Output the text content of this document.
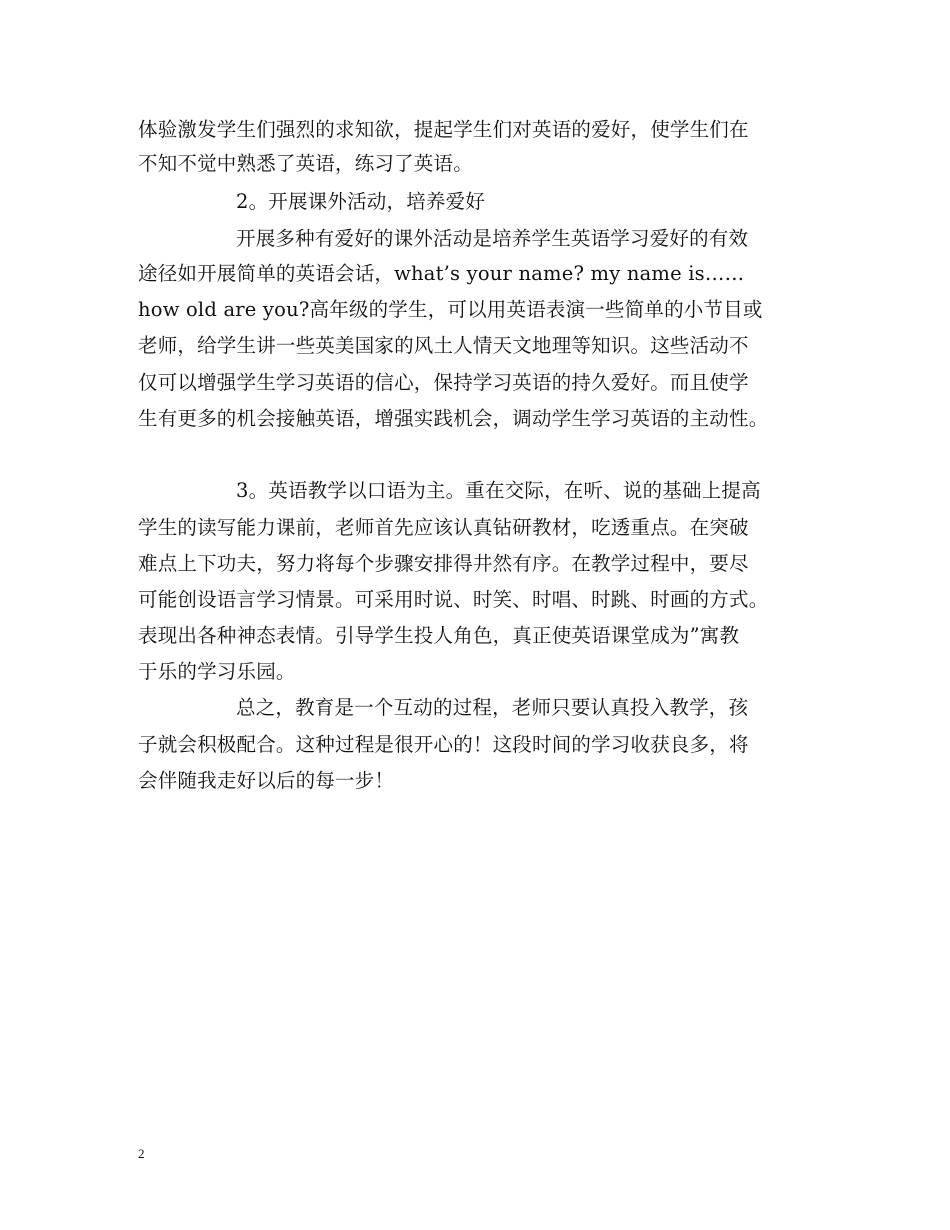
体验激发学生们强烈的求知欲，提起学生们对英语的爱好，使学生们在
不知不觉中熟悉了英语，练习了英语。
2。开展课外活动，培养爱好
开展多种有爱好的课外活动是培养学生英语学习爱好的有效
途径如开展简单的英语会话，what’s your name? my name is……
how old are you?高年级的学生，可以用英语表演一些简单的小节目或
老师，给学生讲一些英美国家的风土人情天文地理等知识。这些活动不
仅可以增强学生学习英语的信心，保持学习英语的持久爱好。而且使学
生有更多的机会接触英语，增强实践机会，调动学生学习英语的主动性。
3。英语教学以口语为主。重在交际，在听、说的基础上提高
学生的读写能力课前，老师首先应该认真钻研教材，吃透重点。在突破
难点上下功夫，努力将每个步骤安排得井然有序。在教学过程中，要尽
可能创设语言学习情景。可采用时说、时笑、时唱、时跳、时画的方式。
表现出各种神态表情。引导学生投人角色，真正使英语课堂成为”寓教
于乐的学习乐园。
总之，教育是一个互动的过程，老师只要认真投入教学，孩
子就会积极配合。这种过程是很开心的！这段时间的学习收获良多，将
会伴随我走好以后的每一步！
2
